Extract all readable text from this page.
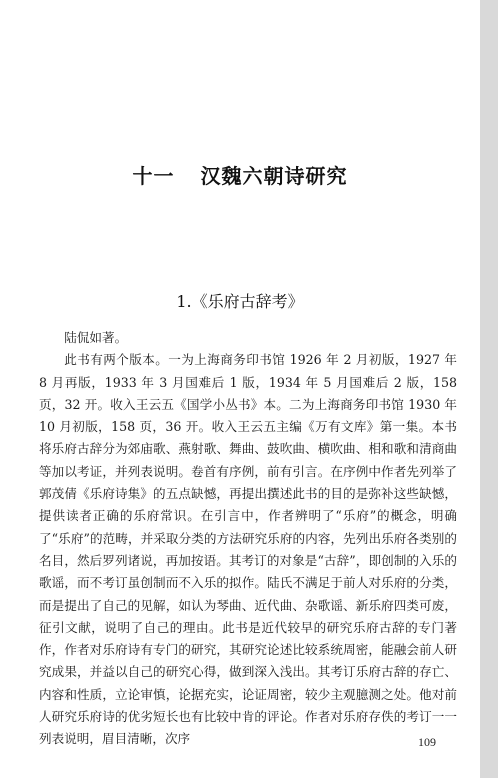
十一 汉魏六朝诗研究
1.《乐府古辞考》

陆侃如著。

此书有两个版本。一为上海商务印书馆 1926 年 2 月初版，1927 年 8 月再版，1933 年 3 月国难后 1 版，1934 年 5 月国难后 2 版，158 页，32 开。收入王云五《国学小丛书》本。二为上海商务印书馆 1930 年 10 月初版，158 页，36 开。收入王云五主编《万有文库》第一集。本书将乐府古辞分为郊庙歌、燕射歌、舞曲、鼓吹曲、横吹曲、相和歌和清商曲等加以考证，并列表说明。卷首有序例，前有引言。在序例中作者先列举了郭茂倩《乐府诗集》的五点缺憾，再提出撰述此书的目的是弥补这些缺憾，提供读者正确的乐府常识。在引言中，作者辨明了“乐府”的概念，明确了“乐府”的范畴，并采取分类的方法研究乐府的内容，先列出乐府各类别的名目，然后罗列诸说，再加按语。其考订的对象是“古辞”，即创制的入乐的歌谣，而不考订虽创制而不入乐的拟作。陆氏不满足于前人对乐府的分类，而是提出了自己的见解，如认为琴曲、近代曲、杂歌谣、新乐府四类可废，征引文献，说明了自己的理由。此书是近代较早的研究乐府古辞的专门著作，作者对乐府诗有专门的研究，其研究论述比较系统周密，能融会前人研究成果，并益以自己的研究心得，做到深入浅出。其考订乐府古辞的存亡、内容和性质，立论审慎，论据充实，论证周密，较少主观臆测之处。他对前人研究乐府诗的优劣短长也有比较中肯的评论。作者对乐府存佚的考订一一列表说明，眉目清晰，次序	109
